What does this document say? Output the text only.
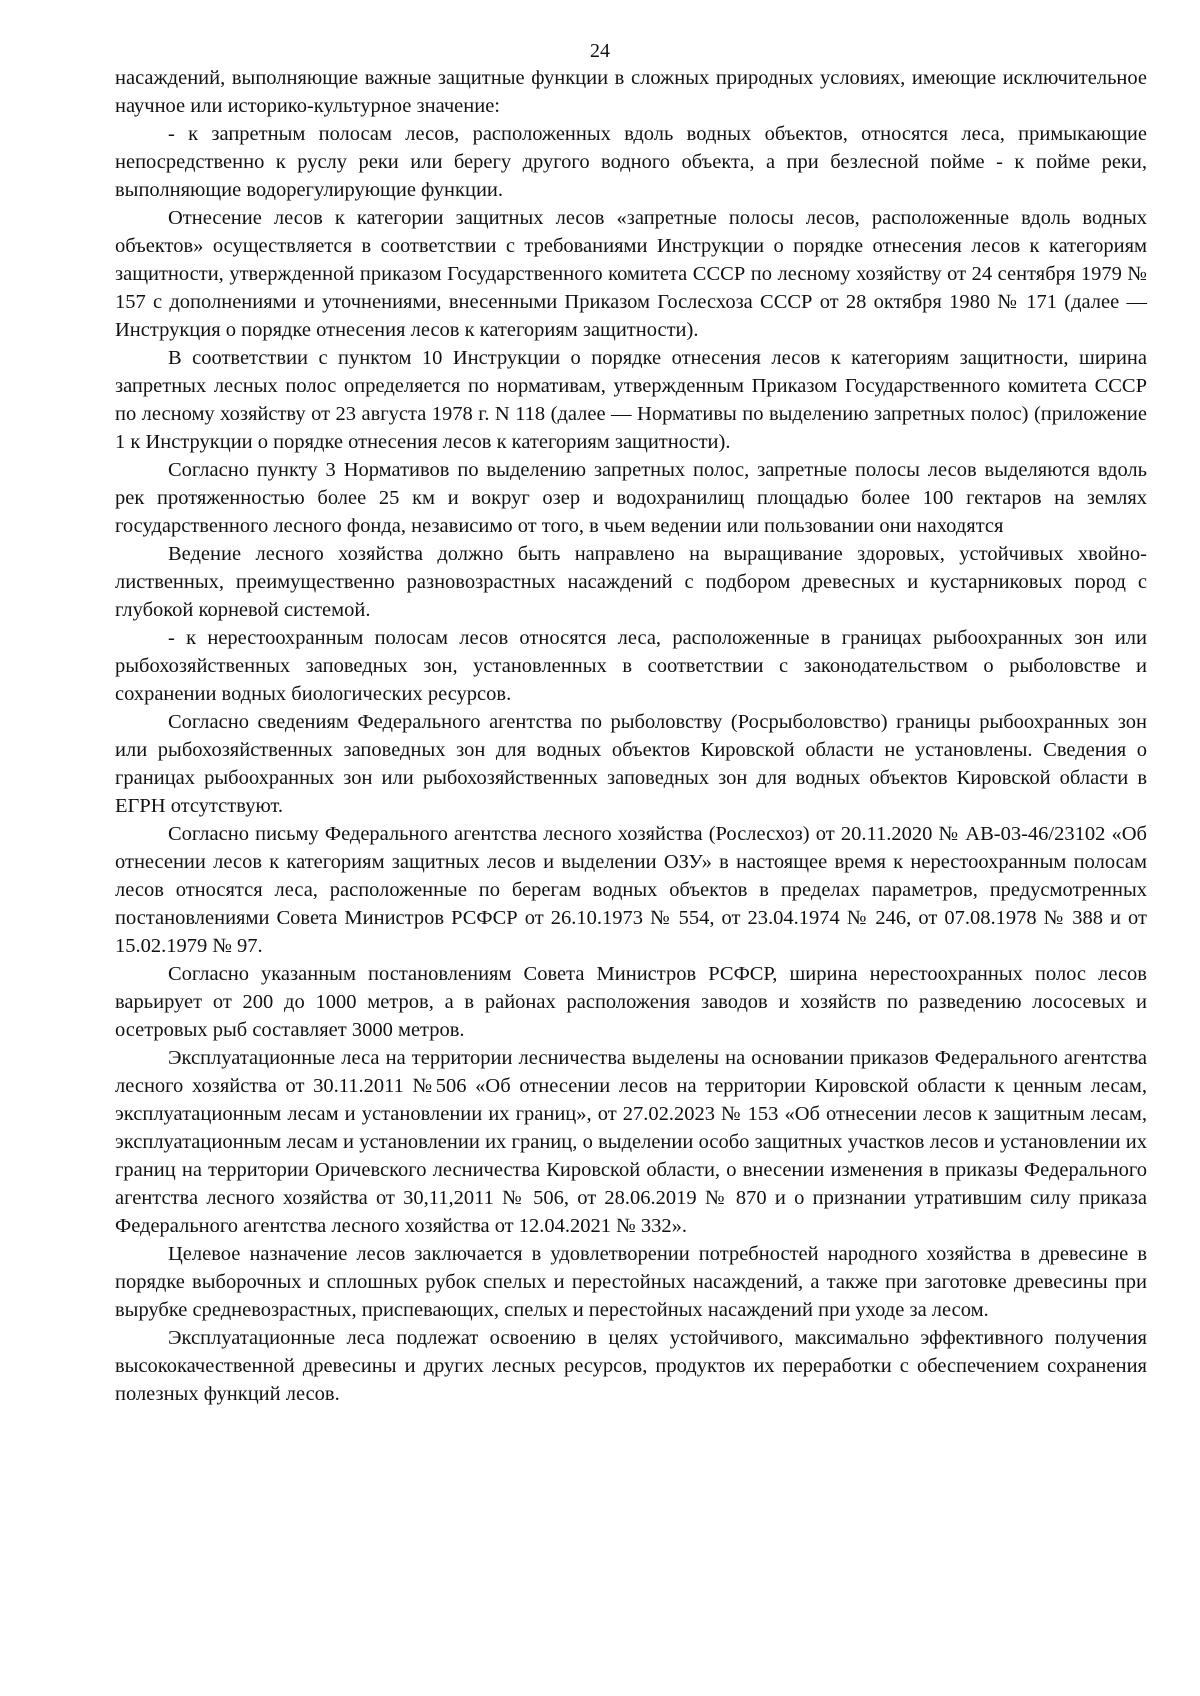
24

насаждений, выполняющие важные защитные функции в сложных природных условиях, имеющие исключительное научное или историко-культурное значение:

- к запретным полосам лесов, расположенных вдоль водных объектов, относятся леса, примыкающие непосредственно к руслу реки или берегу другого водного объекта, а при безлесной пойме - к пойме реки, выполняющие водорегулирующие функции.

Отнесение лесов к категории защитных лесов «запретные полосы лесов, расположенные вдоль водных объектов» осуществляется в соответствии с требованиями Инструкции о порядке отнесения лесов к категориям защитности, утвержденной приказом Государственного комитета СССР по лесному хозяйству от 24 сентября 1979 № 157 с дополнениями и уточнениями, внесенными Приказом Гослесхоза СССР от 28 октября 1980 № 171 (далее — Инструкция о порядке отнесения лесов к категориям защитности).

В соответствии с пунктом 10 Инструкции о порядке отнесения лесов к категориям защитности, ширина запретных лесных полос определяется по нормативам, утвержденным Приказом Государственного комитета СССР по лесному хозяйству от 23 августа 1978 г. N 118 (далее — Нормативы по выделению запретных полос) (приложение 1 к Инструкции о порядке отнесения лесов к категориям защитности).

Согласно пункту 3 Нормативов по выделению запретных полос, запретные полосы лесов выделяются вдоль рек протяженностью более 25 км и вокруг озер и водохранилищ площадью более 100 гектаров на землях государственного лесного фонда, независимо от того, в чьем ведении или пользовании они находятся

Ведение лесного хозяйства должно быть направлено на выращивание здоровых, устойчивых хвойно-лиственных, преимущественно разновозрастных насаждений с подбором древесных и кустарниковых пород с глубокой корневой системой.

- к нерестоохранным полосам лесов относятся леса, расположенные в границах рыбоохранных зон или рыбохозяйственных заповедных зон, установленных в соответствии с законодательством о рыболовстве и сохранении водных биологических ресурсов.

Согласно сведениям Федерального агентства по рыболовству (Росрыболовство) границы рыбоохранных зон или рыбохозяйственных заповедных зон для водных объектов Кировской области не установлены. Сведения о границах рыбоохранных зон или рыбохозяйственных заповедных зон для водных объектов Кировской области в ЕГРН отсутствуют.

Согласно письму Федерального агентства лесного хозяйства (Рослесхоз) от 20.11.2020 № АВ-03-46/23102 «Об отнесении лесов к категориям защитных лесов и выделении ОЗУ» в настоящее время к нерестоохранным полосам лесов относятся леса, расположенные по берегам водных объектов в пределах параметров, предусмотренных постановлениями Совета Министров РСФСР от 26.10.1973 № 554, от 23.04.1974 № 246, от 07.08.1978 № 388 и от 15.02.1979 № 97.

Согласно указанным постановлениям Совета Министров РСФСР, ширина нерестоохранных полос лесов варьирует от 200 до 1000 метров, а в районах расположения заводов и хозяйств по разведению лососевых и осетровых рыб составляет 3000 метров.

Эксплуатационные леса на территории лесничества выделены на основании приказов Федерального агентства лесного хозяйства от 30.11.2011 №506 «Об отнесении лесов на территории Кировской области к ценным лесам, эксплуатационным лесам и установлении их границ», от 27.02.2023 № 153 «Об отнесении лесов к защитным лесам, эксплуатационным лесам и установлении их границ, о выделении особо защитных участков лесов и установлении их границ на территории Оричевского лесничества Кировской области, о внесении изменения в приказы Федерального агентства лесного хозяйства от 30,11,2011 № 506, от 28.06.2019 № 870 и о признании утратившим силу приказа Федерального агентства лесного хозяйства от 12.04.2021 № 332».

Целевое назначение лесов заключается в удовлетворении потребностей народного хозяйства в древесине в порядке выборочных и сплошных рубок спелых и перестойных насаждений, а также при заготовке древесины при вырубке средневозрастных, приспевающих, спелых и перестойных насаждений при уходе за лесом.

Эксплуатационные леса подлежат освоению в целях устойчивого, максимально эффективного получения высококачественной древесины и других лесных ресурсов, продуктов их переработки с обеспечением сохранения полезных функций лесов.
